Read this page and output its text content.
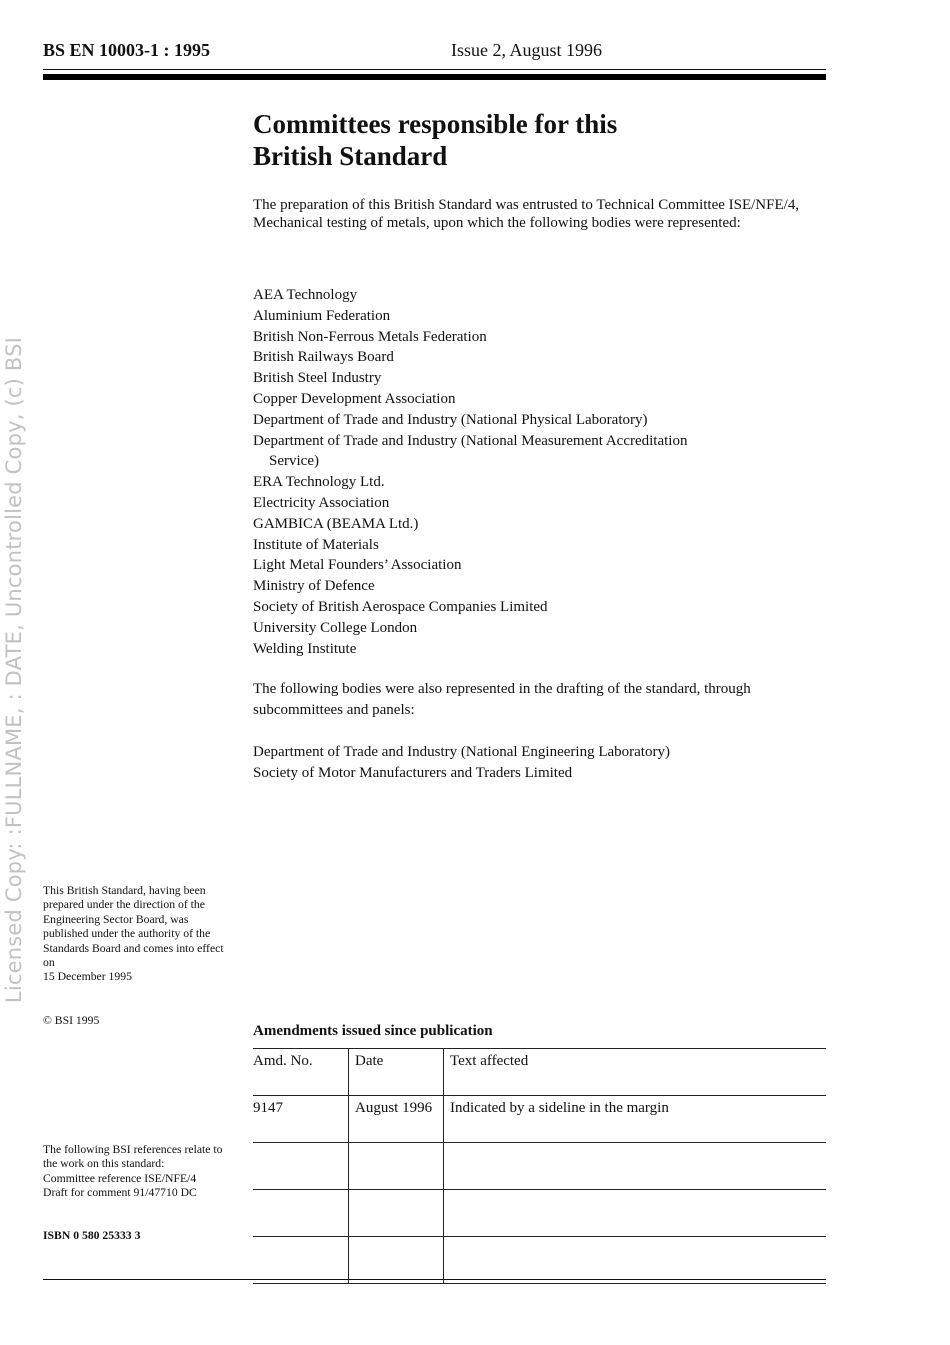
BS EN 10003-1 : 1995	Issue 2, August 1996
Licensed Copy: :FULLNAME, : DATE, Uncontrolled Copy, (c) BSI
Committees responsible for this
British Standard
The preparation of this British Standard was entrusted to Technical Committee ISE/NFE/4, Mechanical testing of metals, upon which the following bodies were represented:
AEA Technology
Aluminium Federation
British Non-Ferrous Metals Federation
British Railways Board
British Steel Industry
Copper Development Association
Department of Trade and Industry (National Physical Laboratory)
Department of Trade and Industry (National Measurement Accreditation
Service)
ERA Technology Ltd.
Electricity Association
GAMBICA (BEAMA Ltd.)
Institute of Materials
Light Metal Founders’ Association
Ministry of Defence
Society of British Aerospace Companies Limited
University College London
Welding Institute
The following bodies were also represented in the drafting of the standard, through subcommittees and panels:
Department of Trade and Industry (National Engineering Laboratory)
Society of Motor Manufacturers and Traders Limited
This British Standard, having been prepared under the direction of the Engineering Sector Board, was published under the authority of the Standards Board and comes into effect on
15 December 1995
© BSI 1995
The following BSI references relate to the work on this standard:
Committee reference ISE/NFE/4
Draft for comment 91/47710 DC
ISBN 0 580 25333 3
Amendments issued since publication
Amd. No.	Date	Text affected
9147	August 1996	Indicated by a sideline in the margin
